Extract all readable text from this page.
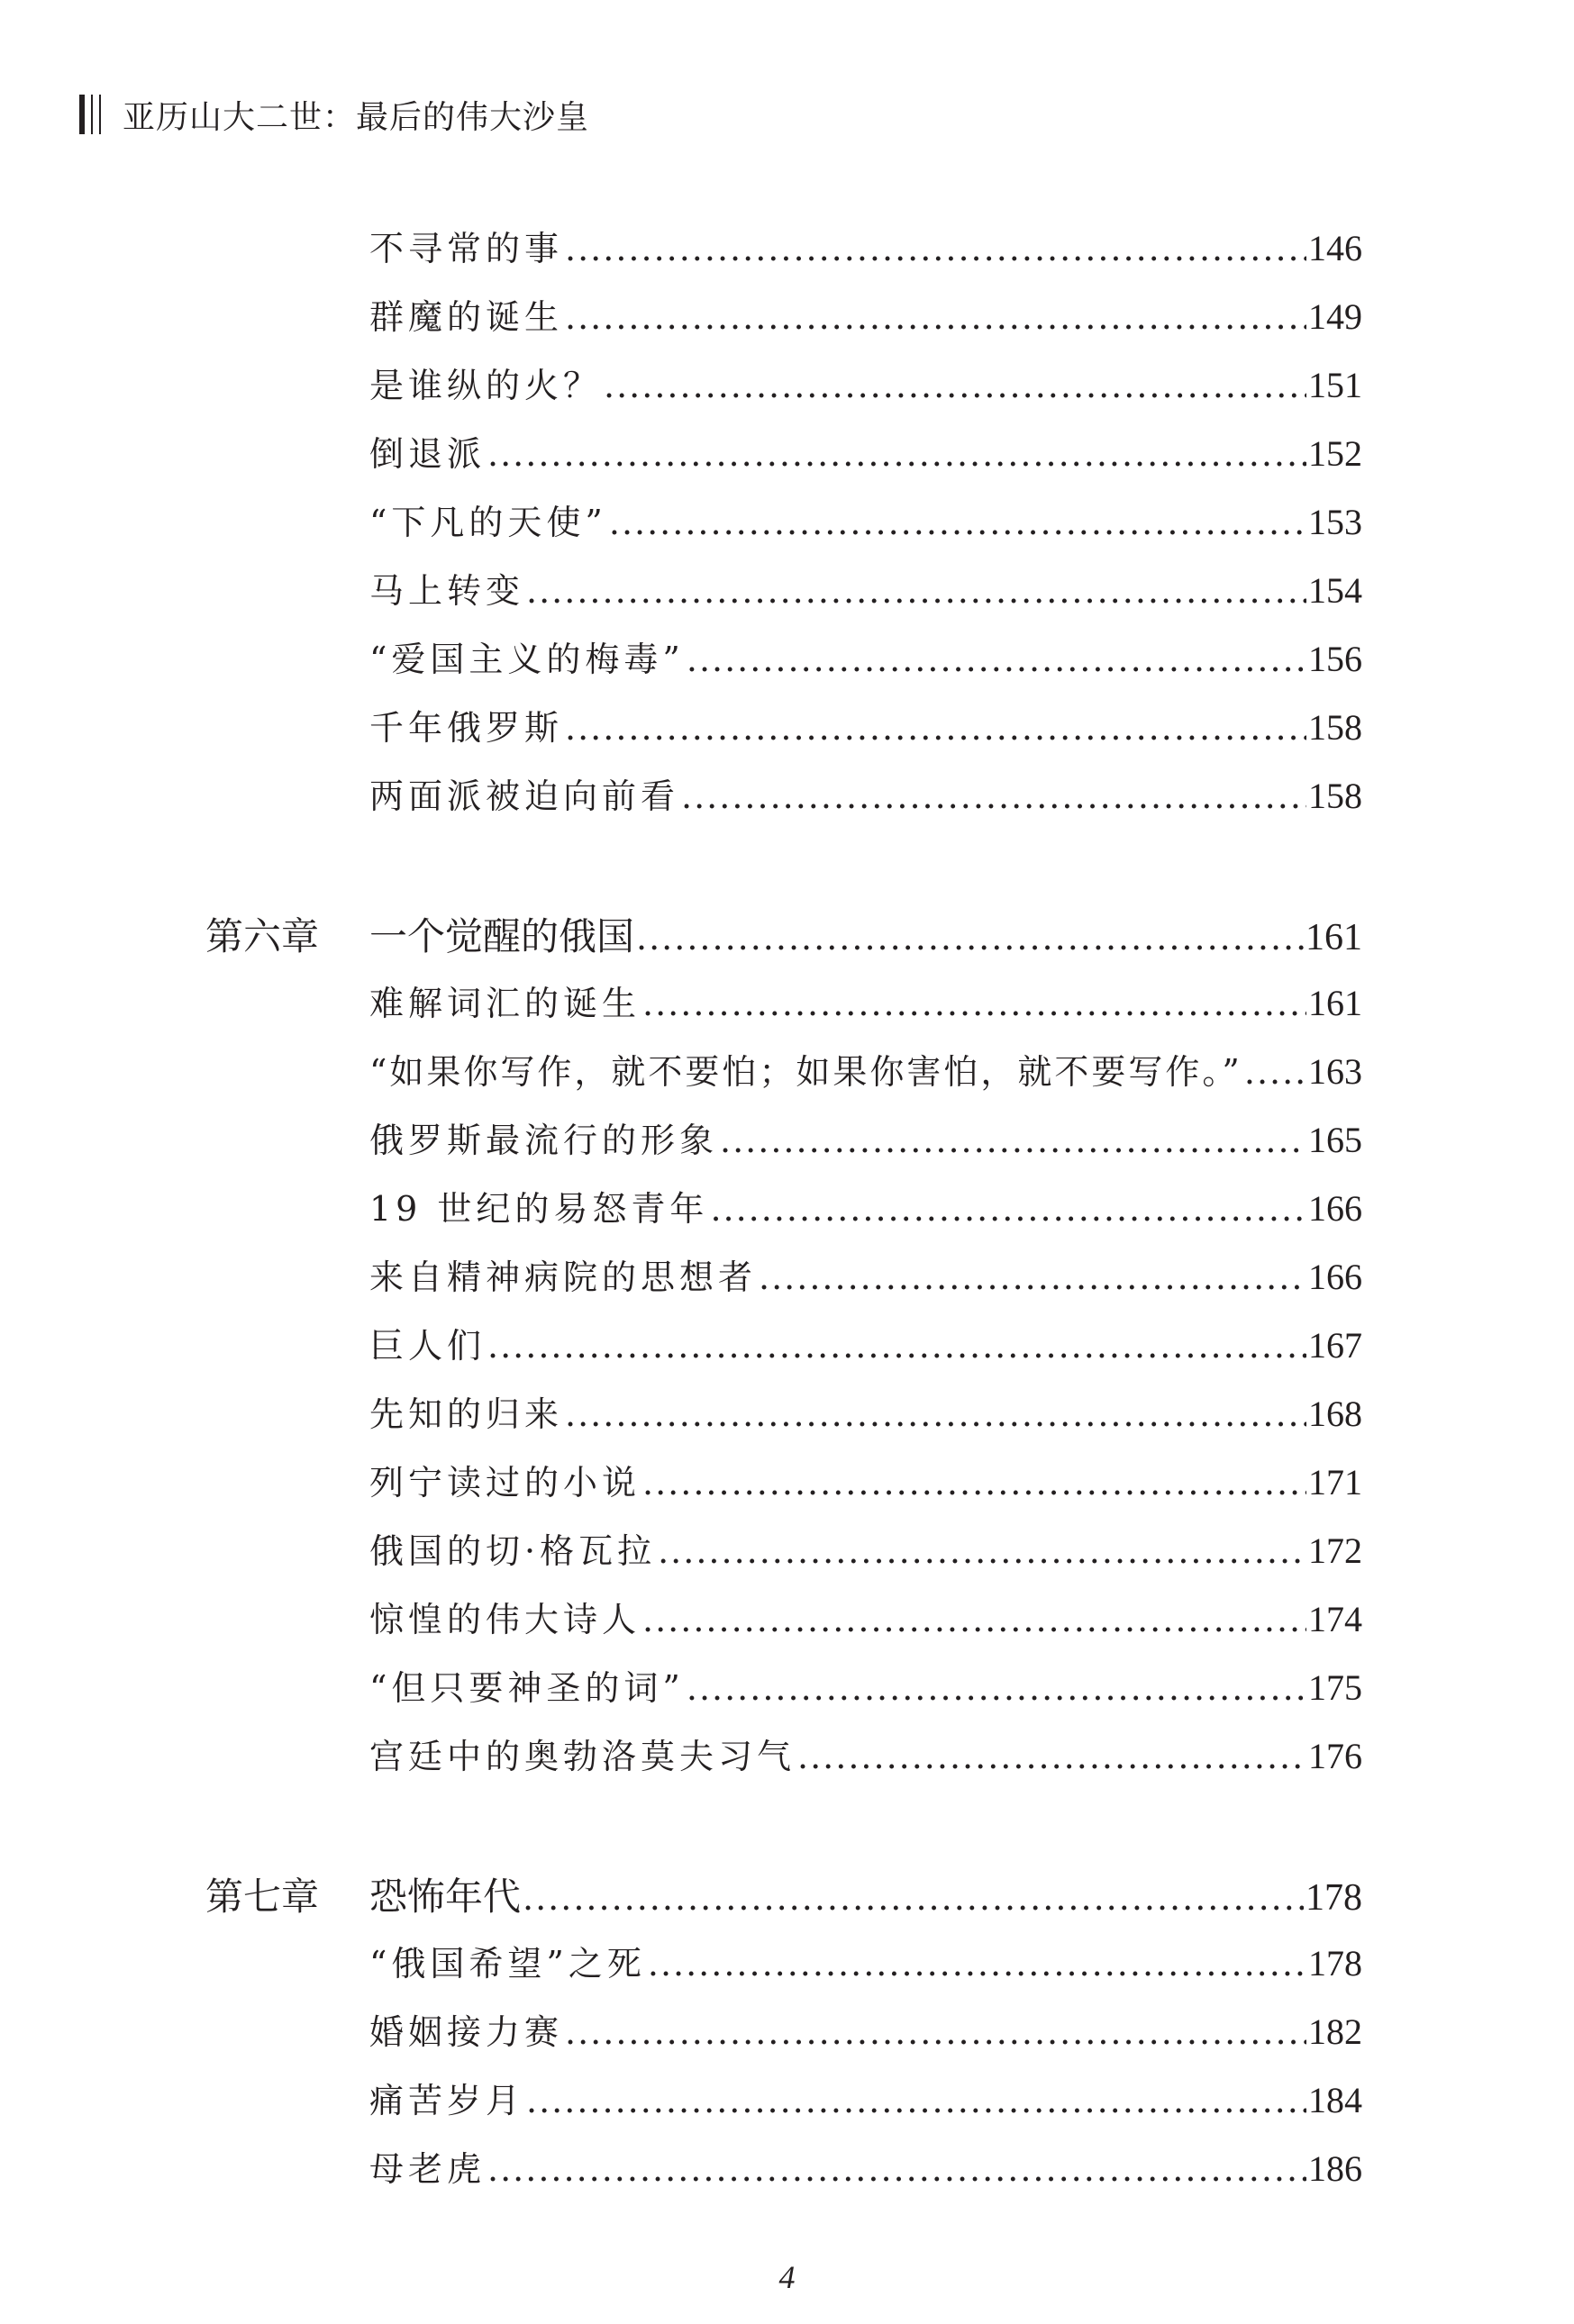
亚历山大二世：最后的伟大沙皇
不寻常的事 .....	146
群魔的诞生 .....	149
是谁纵的火？ .....	151
倒退派 .....	152
“下凡的天使” .....	153
马上转变 .....	154
“爱国主义的梅毒” .....	156
千年俄罗斯 .....	158
两面派被迫向前看 .....	158
第六章 一个觉醒的俄国 .....	161
难解词汇的诞生 .....	161
“如果你写作，就不要怕；如果你害怕，就不要写作。” ..... 163
俄罗斯最流行的形象 .....	165
19 世纪的易怒青年 .....	166
来自精神病院的思想者 .....	166
巨人们 .....	167
先知的归来 .....	168
列宁读过的小说 .....	171
俄国的切·格瓦拉 .....	172
惊惶的伟大诗人 .....	174
“但只要神圣的词” .....	175
宫廷中的奥勃洛莫夫习气 .....	176
第七章 恐怖年代 .....	178
“俄国希望”之死 .....	178
婚姻接力赛 .....	182
痛苦岁月 .....	184
母老虎 .....	186
4
